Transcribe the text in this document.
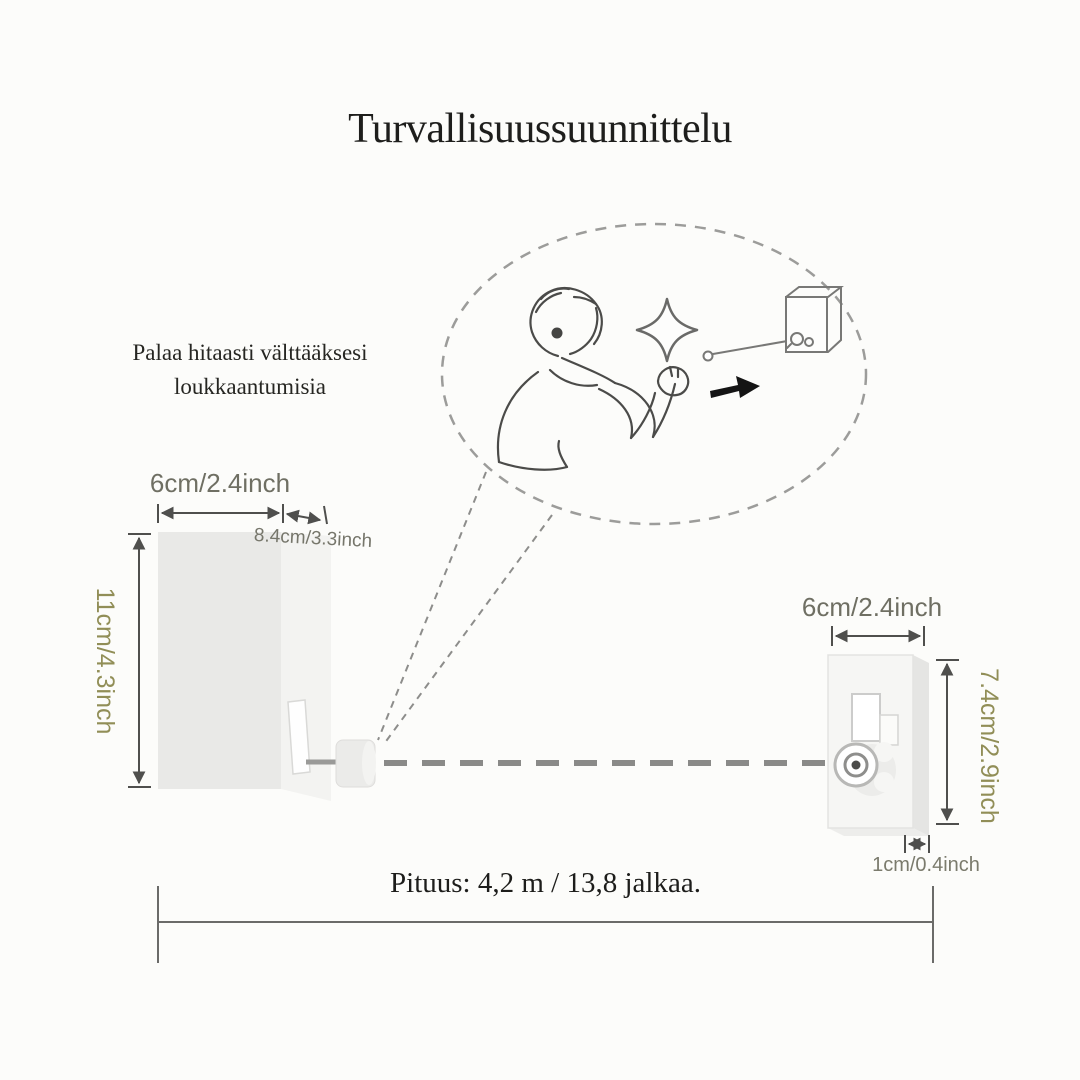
Turvallisuussuunnittelu
Palaa hitaasti välttääksesi
loukkaantumisia
6cm/2.4inch
8.4cm/3.3inch
11cm/4.3inch	6cm/2.4inch
7.4cm/2.9inch
1cm/0.4inch
Pituus: 4,2 m / 13,8 jalkaa.
